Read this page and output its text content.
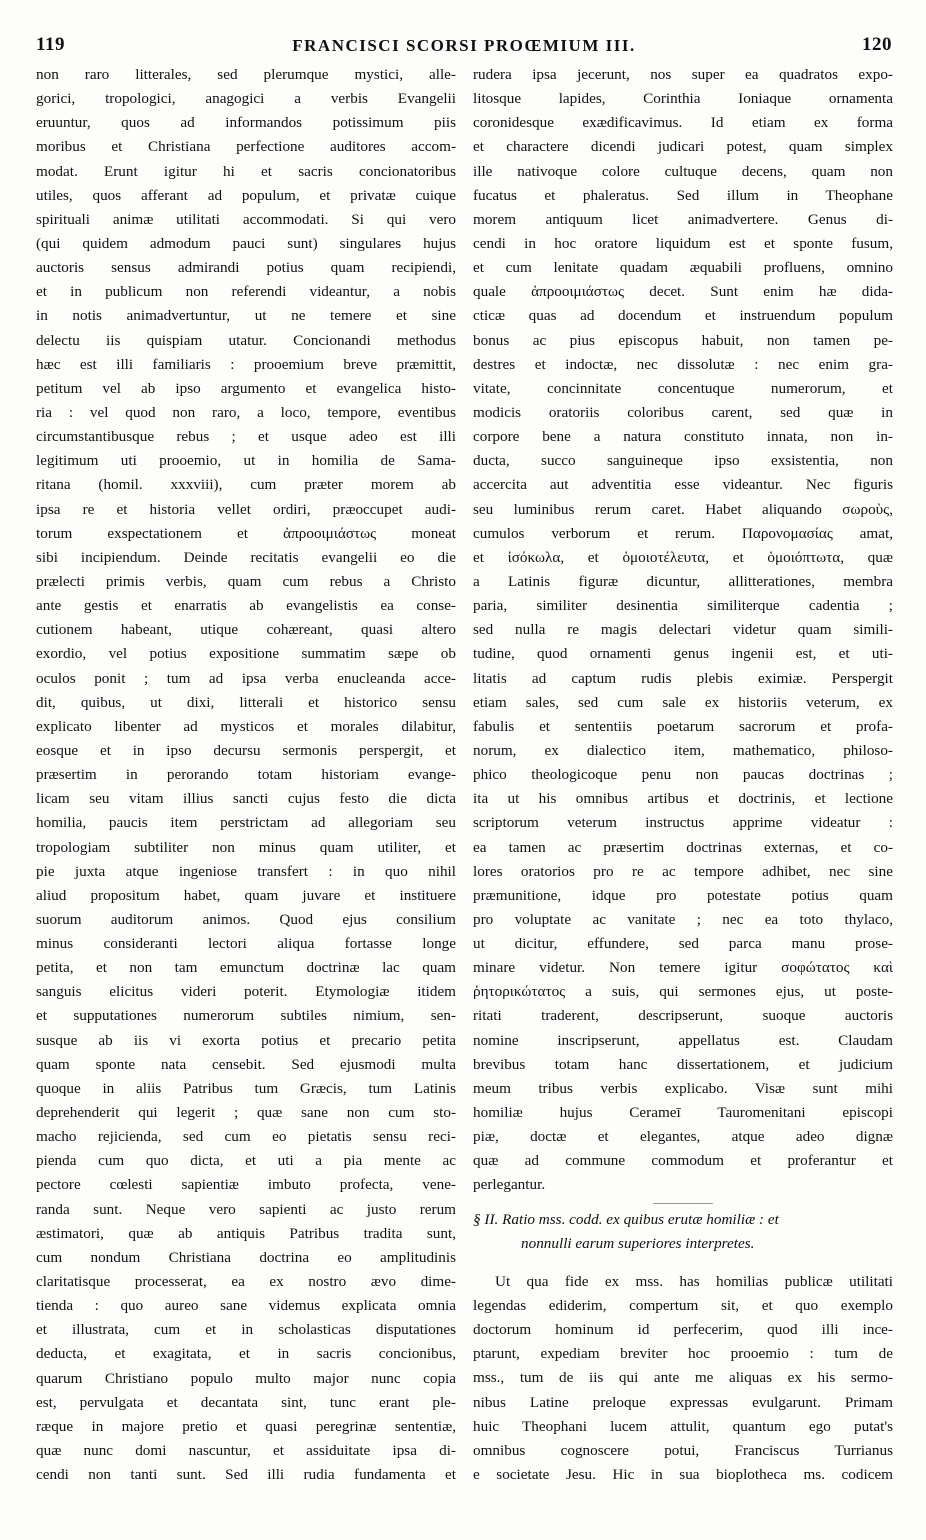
119	FRANCISCI SCORSI PROŒMIUM III.	120
non raro litterales, sed plerumque mystici, alle-
gorici, tropologici, anagogici a verbis Evangelii
eruuntur, quos ad informandos potissimum piis
moribus et Christiana perfectione auditores accom-
modat. Erunt igitur hi et sacris concionatoribus
utiles, quos afferant ad populum, et privatæ cuique
spirituali animæ utilitati accommodati. Si qui vero
(qui quidem admodum pauci sunt) singulares hujus
auctoris sensus admirandi potius quam recipiendi,
et in publicum non referendi videantur, a nobis
in notis animadvertuntur, ut ne temere et sine
delectu iis quispiam utatur. Concionandi methodus
hæc est illi familiaris : prooemium breve præmittit,
petitum vel ab ipso argumento et evangelica histo-
ria : vel quod non raro, a loco, tempore, eventibus
circumstantibusque rebus ; et usque adeo est illi
legitimum uti prooemio, ut in homilia de Sama-
ritana (homil. xxxviii), cum præter morem ab
ipsa re et historia vellet ordiri, præoccupet audi-
torum exspectationem et ἀπροοιμιάστως moneat
sibi incipiendum. Deinde recitatis evangelii eo die
prælecti primis verbis, quam cum rebus a Christo
ante gestis et enarratis ab evangelistis ea conse-
cutionem habeant, utique cohæreant, quasi altero
exordio, vel potius expositione summatim sæpe ob
oculos ponit ; tum ad ipsa verba enucleanda acce-
dit, quibus, ut dixi, litterali et historico sensu
explicato libenter ad mysticos et morales dilabitur,
eosque et in ipso decursu sermonis perspergit, et
præsertim in perorando totam historiam evange-
licam seu vitam illius sancti cujus festo die dicta
homilia, paucis item perstrictam ad allegoriam seu
tropologiam subtiliter non minus quam utiliter, et
pie juxta atque ingeniose transfert : in quo nihil
aliud propositum habet, quam juvare et instituere
suorum auditorum animos. Quod ejus consilium
minus consideranti lectori aliqua fortasse longe
petita, et non tam emunctum doctrinæ lac quam
sanguis elicitus videri poterit. Etymologiæ itidem
et supputationes numerorum subtiles nimium, sen-
susque ab iis vi exorta potius et precario petita
quam sponte nata censebit. Sed ejusmodi multa
quoque in aliis Patribus tum Græcis, tum Latinis
deprehenderit qui legerit ; quæ sane non cum sto-
macho rejicienda, sed cum eo pietatis sensu reci-
pienda cum quo dicta, et uti a pia mente ac
pectore cœlesti sapientiæ imbuto profecta, vene-
randa sunt. Neque vero sapienti ac justo rerum
æstimatori, quæ ab antiquis Patribus tradita sunt,
cum nondum Christiana doctrina eo amplitudinis
claritatisque processerat, ea ex nostro ævo dime-
tienda : quo aureo sane videmus explicata omnia
et illustrata, cum et in scholasticas disputationes
deducta, et exagitata, et in sacris concionibus,
quarum Christiano populo multo major nunc copia
est, pervulgata et decantata sint, tunc erant ple-
ræque in majore pretio et quasi peregrinæ sententiæ,
quæ nunc domi nascuntur, et assiduitate ipsa di-
cendi non tanti sunt. Sed illi rudia fundamenta et
rudera ipsa jecerunt, nos super ea quadratos expo-
litosque lapides, Corinthia Ioniaque ornamenta
coronidesque exædificavimus. Id etiam ex forma
et charactere dicendi judicari potest, quam simplex
ille nativoque colore cultuque decens, quam non
fucatus et phaleratus. Sed illum in Theophane
morem antiquum licet animadvertere. Genus di-
cendi in hoc oratore liquidum est et sponte fusum,
et cum lenitate quadam æquabili profluens, omnino
quale ἀπροοιμιάστως decet. Sunt enim hæ dida-
cticæ quas ad docendum et instruendum populum
bonus ac pius episcopus habuit, non tamen pe-
destres et indoctæ, nec dissolutæ : nec enim gra-
vitate, concinnitate concentuque numerorum, et
modicis oratoriis coloribus carent, sed quæ in
corpore bene a natura constituto innata, non in-
ducta, succo sanguineque ipso exsistentia, non
accercita aut adventitia esse videantur. Nec figuris
seu luminibus rerum caret. Habet aliquando σωροὺς,
cumulos verborum et rerum. Παρονομασίας amat,
et ἰσόκωλα, et ὁμοιοτέλευτα, et ὁμοιόπτωτα, quæ
a Latinis figuræ dicuntur, allitterationes, membra
paria, similiter desinentia similiterque cadentia ;
sed nulla re magis delectari videtur quam simili-
tudine, quod ornamenti genus ingenii est, et uti-
litatis ad captum rudis plebis eximiæ. Perspergit
etiam sales, sed cum sale ex historiis veterum, ex
fabulis et sententiis poetarum sacrorum et profa-
norum, ex dialectico item, mathematico, philoso-
phico theologicoque penu non paucas doctrinas ;
ita ut his omnibus artibus et doctrinis, et lectione
scriptorum veterum instructus apprime videatur :
ea tamen ac præsertim doctrinas externas, et co-
lores oratorios pro re ac tempore adhibet, nec sine
præmunitione, idque pro potestate potius quam
pro voluptate ac vanitate ; nec ea toto thylaco,
ut dicitur, effundere, sed parca manu prose-
minare videtur. Non temere igitur σοφώτατος καὶ
ῥητορικώτατος a suis, qui sermones ejus, ut poste-
ritati traderent, descripserunt, suoque auctoris
nomine inscripserunt, appellatus est. Claudam
brevibus totam hanc dissertationem, et judicium
meum tribus verbis explicabo. Visæ sunt mihi
homiliæ hujus Cerameī Tauromenitani episcopi
piæ, doctæ et elegantes, atque adeo dignæ
quæ ad commune commodum et proferantur et
perlegantur.
§ II. Ratio mss. codd. ex quibus erutæ homiliæ : et
nonnulli earum superiores interpretes.
Ut qua fide ex mss. has homilias publicæ utilitati
legendas ediderim, compertum sit, et quo exemplo
doctorum hominum id perfecerim, quod illi ince-
ptarunt, expediam breviter hoc prooemio : tum de
mss., tum de iis qui ante me aliquas ex his sermo-
nibus Latine preloque expressas evulgarunt. Primam
huic Theophani lucem attulit, quantum ego putat's
omnibus cognoscere potui, Franciscus Turrianus
e societate Jesu. Hic in sua bioplotheca ms. codicem
